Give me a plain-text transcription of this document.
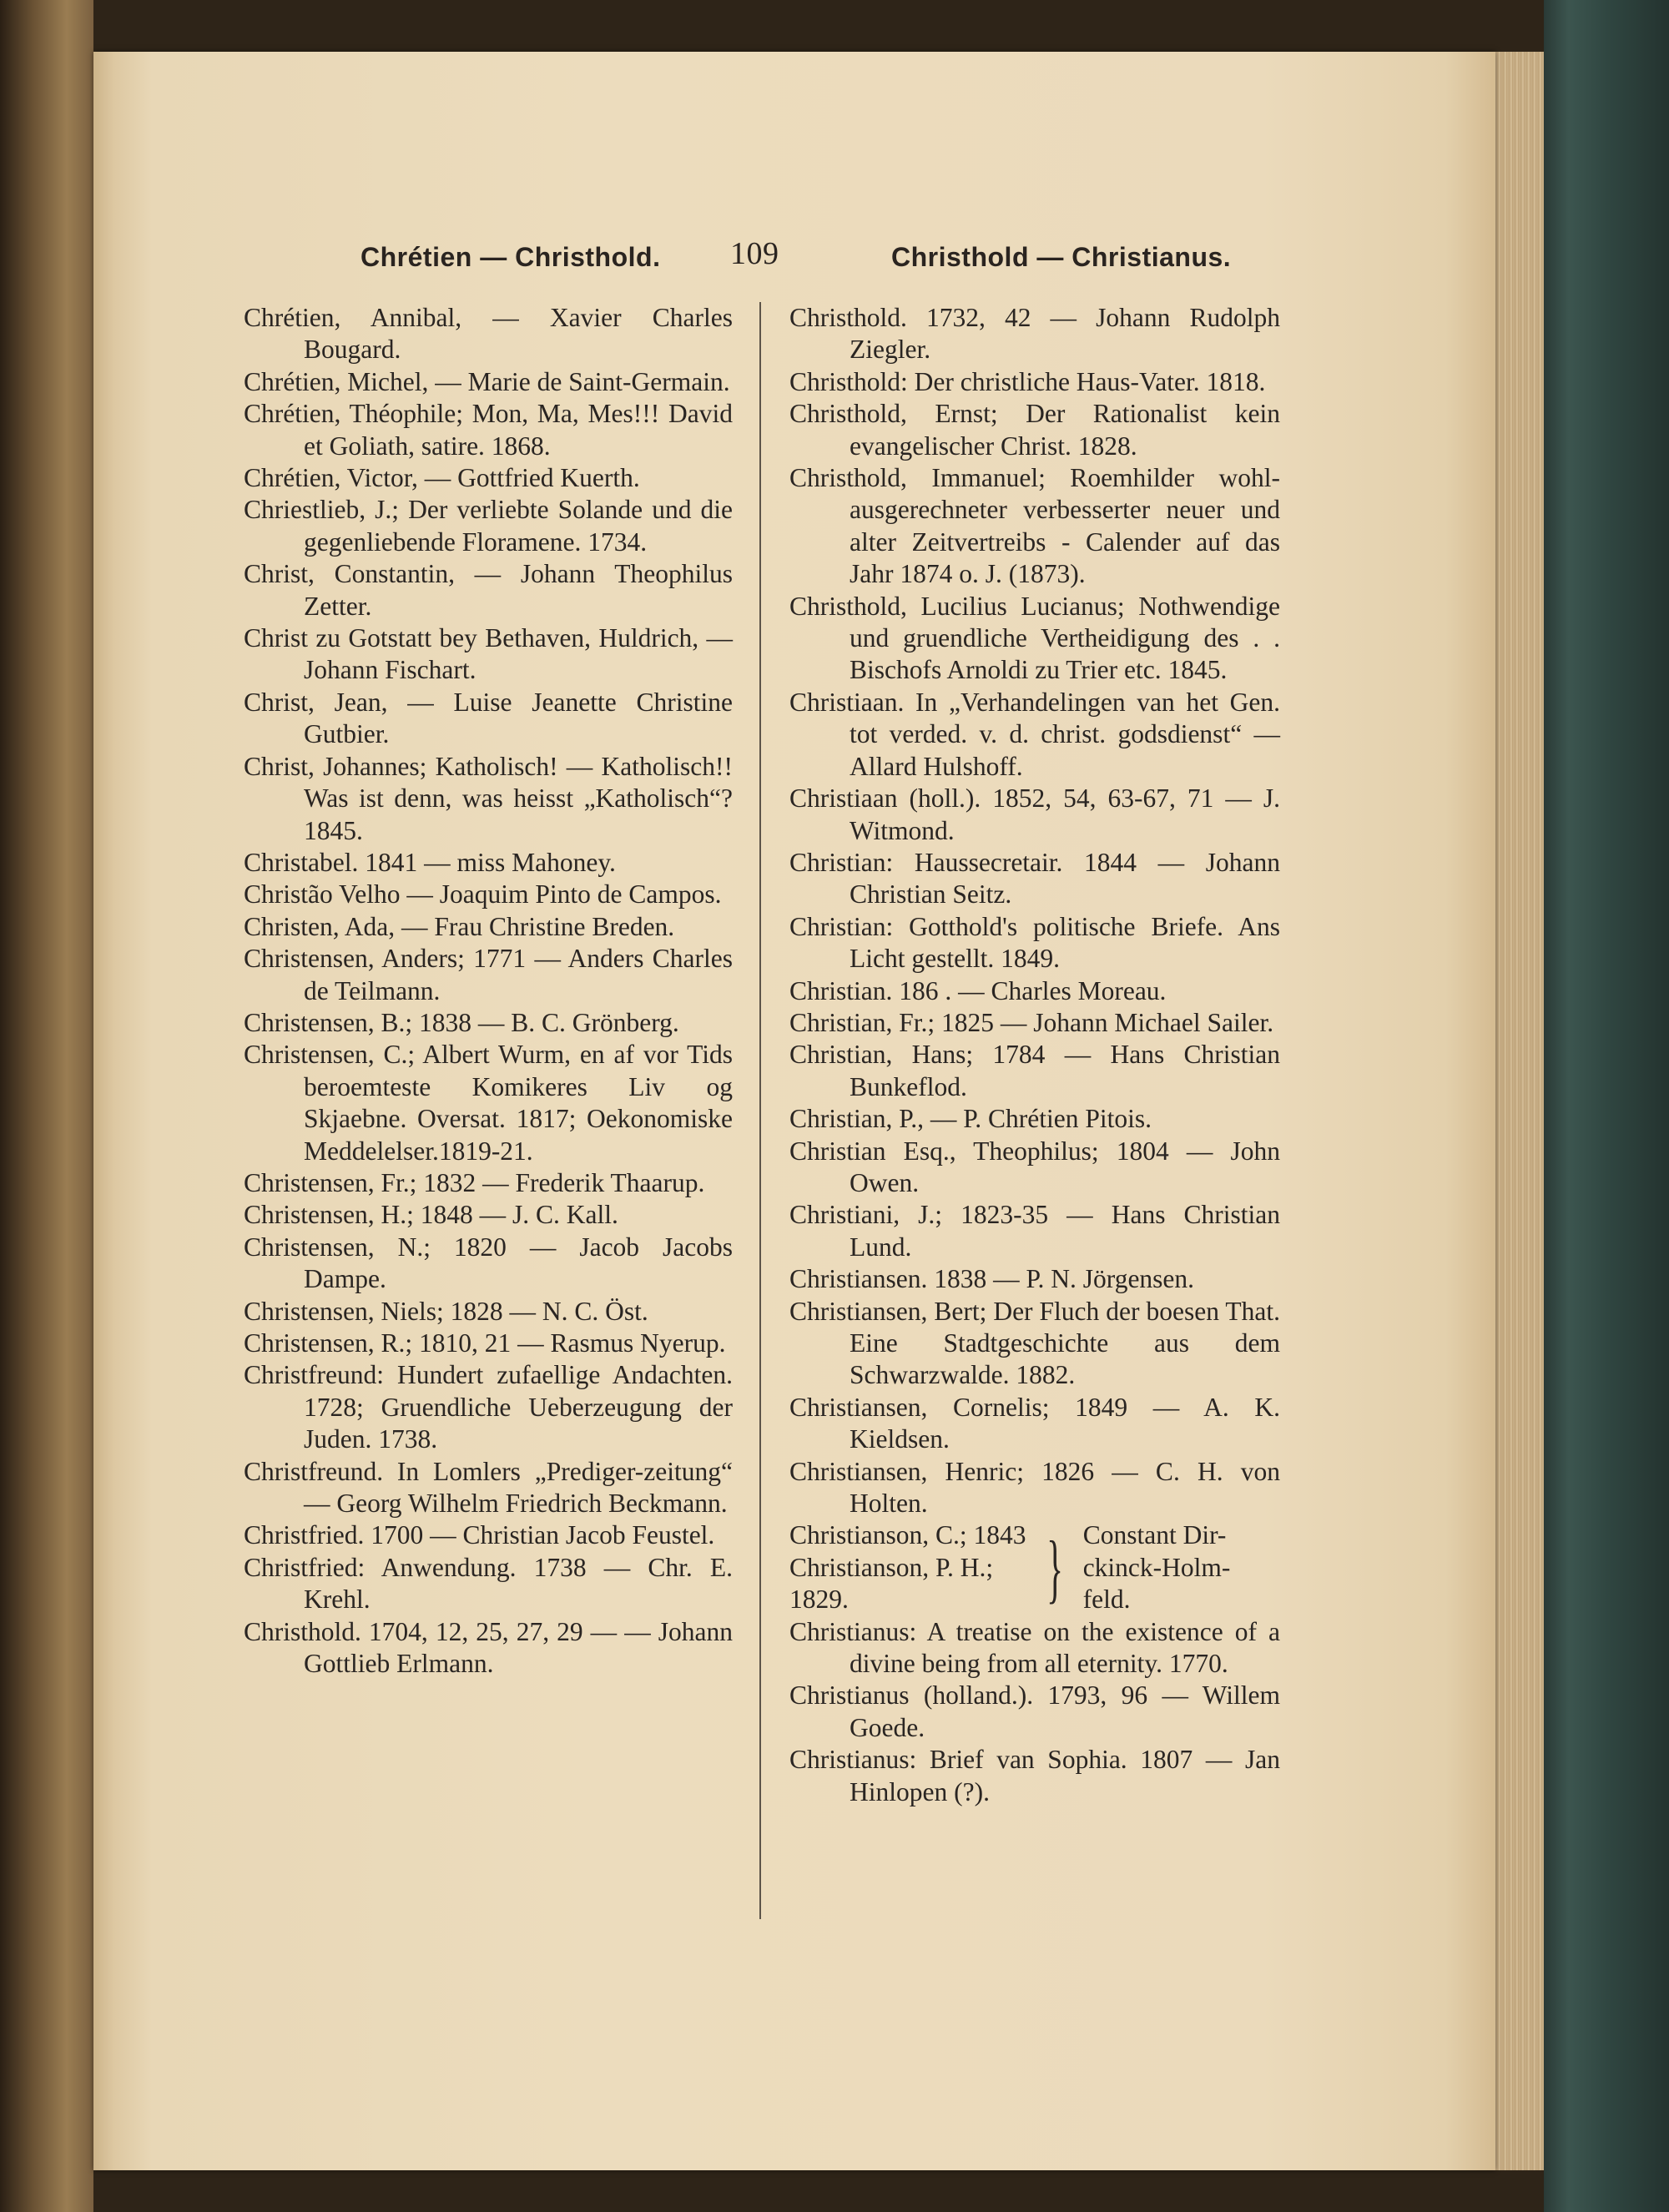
Chrétien — Christhold. 109	Christhold — Christianus.

Chrétien, Annibal, — Xavier Charles Bougard.

Chrétien, Michel, — Marie de Saint-Germain.

Chrétien, Théophile; Mon, Ma, Mes!!! David et Goliath, satire. 1868.

Chrétien, Victor, — Gottfried Kuerth.

Chriestlieb, J.; Der verliebte Solande und die gegenliebende Floramene. 1734.

Christ, Constantin, — Johann Theophilus Zetter.

Christ zu Gotstatt bey Bethaven, Huldrich, — Johann Fischart.

Christ, Jean, — Luise Jeanette Christine Gutbier.

Christ, Johannes; Katholisch! — Katholisch!! Was ist denn, was heisst „Katholisch“? 1845.

Christabel. 1841 — miss Mahoney.

Christão Velho — Joaquim Pinto de Campos.

Christen, Ada, — Frau Christine Breden.

Christensen, Anders; 1771 — Anders Charles de Teilmann.

Christensen, B.; 1838 — B. C. Grönberg.

Christensen, C.; Albert Wurm, en af vor Tids beroemteste Komikeres Liv og Skjaebne. Oversat. 1817; Oekonomiske Meddelelser.1819-21.

Christensen, Fr.; 1832 — Frederik Thaarup.

Christensen, H.; 1848 — J. C. Kall.

Christensen, N.; 1820 — Jacob Jacobs Dampe.

Christensen, Niels; 1828 — N. C. Öst.

Christensen, R.; 1810, 21 — Rasmus Nyerup.

Christfreund: Hundert zufaellige Andachten. 1728; Gruendliche Ueberzeugung der Juden. 1738.

Christfreund. In Lomlers „Prediger-zeitung“ — Georg Wilhelm Friedrich Beckmann.

Christfried. 1700 — Christian Jacob Feustel.

Christfried: Anwendung. 1738 — Chr. E. Krehl.

Christhold. 1704, 12, 25, 27, 29 — — Johann Gottlieb Erlmann.

Christhold. 1732, 42 — Johann Rudolph Ziegler.

Christhold: Der christliche Haus-Vater. 1818.

Christhold, Ernst; Der Rationalist kein evangelischer Christ. 1828.

Christhold, Immanuel; Roemhilder wohl-ausgerechneter verbesserter neuer und alter Zeitvertreibs - Calender auf das Jahr 1874 o. J. (1873).

Christhold, Lucilius Lucianus; Nothwendige und gruendliche Vertheidigung des . . Bischofs Arnoldi zu Trier etc. 1845.

Christiaan. In „Verhandelingen van het Gen. tot verded. v. d. christ. godsdienst“ — Allard Hulshoff.

Christiaan (holl.). 1852, 54, 63-67, 71 — J. Witmond.

Christian: Haussecretair. 1844 — Johann Christian Seitz.

Christian: Gotthold's politische Briefe. Ans Licht gestellt. 1849.

Christian. 186 . — Charles Moreau.

Christian, Fr.; 1825 — Johann Michael Sailer.

Christian, Hans; 1784 — Hans Christian Bunkeflod.

Christian, P., — P. Chrétien Pitois.

Christian Esq., Theophilus; 1804 — John Owen.

Christiani, J.; 1823-35 — Hans Christian Lund.

Christiansen. 1838 — P. N. Jörgensen.

Christiansen, Bert; Der Fluch der boesen That. Eine Stadtgeschichte aus dem Schwarzwalde. 1882.

Christiansen, Cornelis; 1849 — A. K. Kieldsen.

Christiansen, Henric; 1826 — C. H. von Holten.

Christianson, C.; 1843
Christianson, P. H.;
1829.	} Constant Dir-
ckinck-Holm-
feld.

Christianus: A treatise on the existence of a divine being from all eternity. 1770.

Christianus (holland.). 1793, 96 — Willem Goede.

Christianus: Brief van Sophia. 1807 — Jan Hinlopen (?).
